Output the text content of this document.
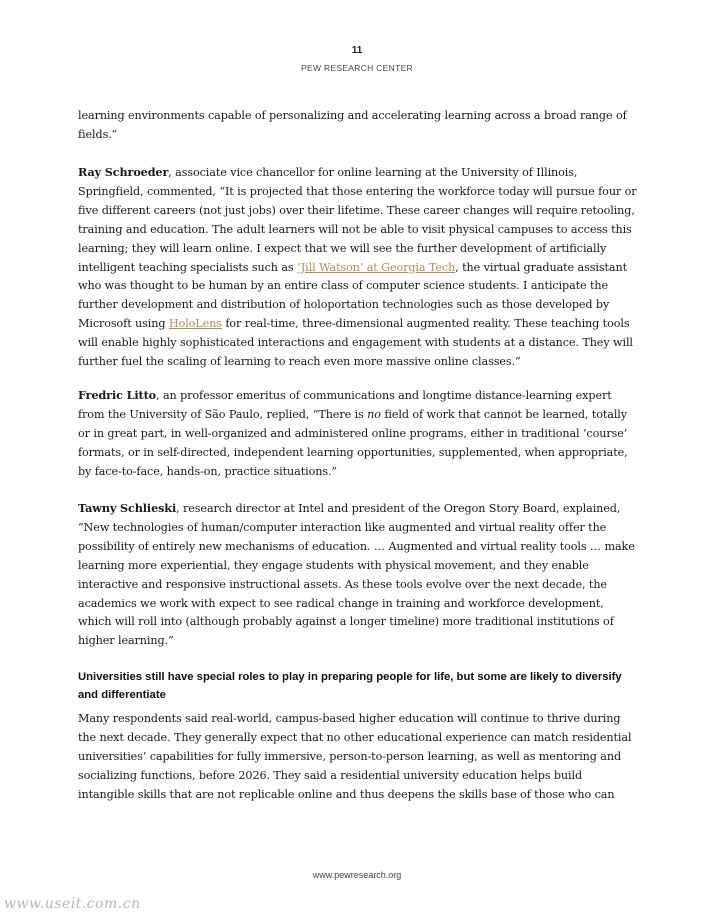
11
PEW RESEARCH CENTER

learning environments capable of personalizing and accelerating learning across a broad range of fields.”

Ray Schroeder, associate vice chancellor for online learning at the University of Illinois, Springfield, commented, “It is projected that those entering the workforce today will pursue four or five different careers (not just jobs) over their lifetime. These career changes will require retooling, training and education. The adult learners will not be able to visit physical campuses to access this learning; they will learn online. I expect that we will see the further development of artificially intelligent teaching specialists such as ‘Jill Watson’ at Georgia Tech, the virtual graduate assistant who was thought to be human by an entire class of computer science students. I anticipate the further development and distribution of holoportation technologies such as those developed by Microsoft using HoloLens for real-time, three-dimensional augmented reality. These teaching tools will enable highly sophisticated interactions and engagement with students at a distance. They will further fuel the scaling of learning to reach even more massive online classes.”

Fredric Litto, an professor emeritus of communications and longtime distance-learning expert from the University of São Paulo, replied, “There is no field of work that cannot be learned, totally or in great part, in well-organized and administered online programs, either in traditional ‘course’ formats, or in self-directed, independent learning opportunities, supplemented, when appropriate, by face-to-face, hands-on, practice situations.”

Tawny Schlieski, research director at Intel and president of the Oregon Story Board, explained, “New technologies of human/computer interaction like augmented and virtual reality offer the possibility of entirely new mechanisms of education. … Augmented and virtual reality tools … make learning more experiential, they engage students with physical movement, and they enable interactive and responsive instructional assets. As these tools evolve over the next decade, the academics we work with expect to see radical change in training and workforce development, which will roll into (although probably against a longer timeline) more traditional institutions of higher learning.”

Universities still have special roles to play in preparing people for life, but some are likely to diversify and differentiate

Many respondents said real-world, campus-based higher education will continue to thrive during the next decade. They generally expect that no other educational experience can match residential universities’ capabilities for fully immersive, person-to-person learning, as well as mentoring and socializing functions, before 2026. They said a residential university education helps build intangible skills that are not replicable online and thus deepens the skills base of those who can

www.pewresearch.org
www.useit.com.cn
